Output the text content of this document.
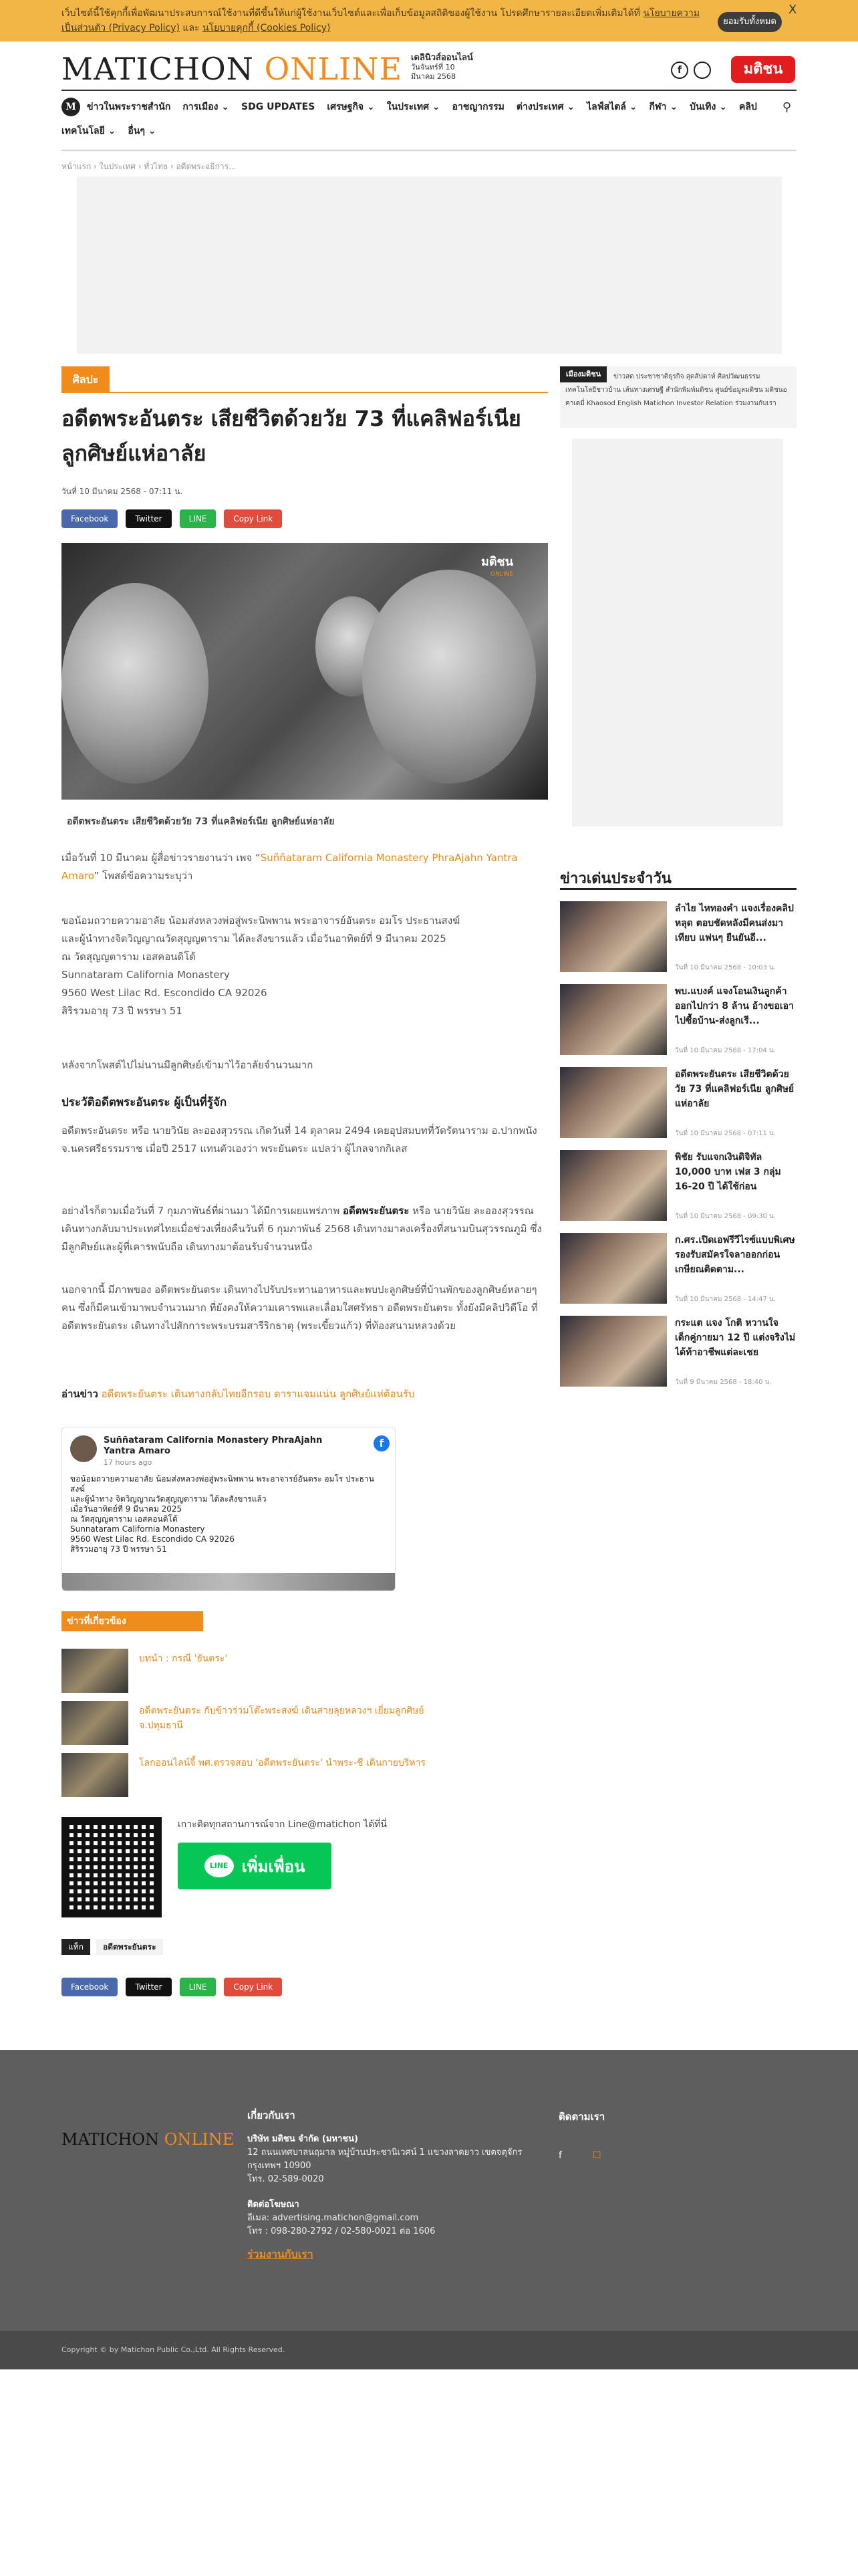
เว็บไซต์นี้ใช้คุกกี้เพื่อพัฒนาประสบการณ์ใช้งานที่ดีขึ้นให้แก่ผู้ใช้งานเว็บไซต์และเพื่อเก็บข้อมูลสถิติของผู้ใช้งาน โปรดศึกษารายละเอียดเพิ่มเติมได้ที่ นโยบายความเป็นส่วนตัว (Privacy Policy) และ นโยบายคุกกี้ (Cookies Policy)
ยอมรับทั้งหมด
X
MATICHON ONLINE เดลินิวส์ออนไลน์
วันจันทร์ที่ 10
มีนาคม 2568
f	มติชน
M	ข่าวในพระราชสำนัก การเมือง ⌄ SDG UPDATES เศรษฐกิจ ⌄ ในประเทศ ⌄ อาชญากรรม ต่างประเทศ ⌄ ไลฟ์สไตล์ ⌄ กีฬา ⌄ บันเทิง ⌄ คลิป
เทคโนโลยี ⌄ อื่นๆ ⌄
⚲
หน้าแรก › ในประเทศ › ทั่วไทย › อดีตพระอธิการ...
ศิลปะ
อดีตพระอันตระ เสียชีวิตด้วยวัย 73 ที่แคลิฟอร์เนีย ลูกศิษย์แห่อาลัย
วันที่ 10 มีนาคม 2568 - 07:11 น.
Facebook	Twitter	LINE	Copy Link
มติชน
ONLINE
อดีตพระอันตระ เสียชีวิตด้วยวัย 73 ที่แคลิฟอร์เนีย ลูกศิษย์แห่อาลัย
เมื่อวันที่ 10 มีนาคม ผู้สื่อข่าวรายงานว่า เพจ “Suññataram California Monastery PhraAjahn Yantra Amaro” โพสต์ข้อความระบุว่า
ขอน้อมถวายความอาลัย น้อมส่งหลวงพ่อสู่พระนิพพาน พระอาจารย์อันตระ อมโร ประธานสงฆ์
และผู้นำทางจิตวิญญาณวัดสุญญตาราม ได้ละสังขารแล้ว เมื่อวันอาทิตย์ที่ 9 มีนาคม 2025
ณ วัดสุญญตาราม เอสคอนดิโด้
Sunnataram California Monastery
9560 West Lilac Rd. Escondido CA 92026
สิริรวมอายุ 73 ปี พรรษา 51
หลังจากโพสต์ไปไม่นานมีลูกศิษย์เข้ามาไว้อาลัยจำนวนมาก
ประวัติอดีตพระอันตระ ผู้เป็นที่รู้จัก
อดีตพระอันตระ หรือ นายวินัย ละอองสุวรรณ เกิดวันที่ 14 ตุลาคม 2494 เคยอุปสมบทที่วัดรัตนาราม อ.ปากพนัง จ.นครศรีธรรมราช เมื่อปี 2517 แทนตัวเองว่า พระยันตระ แปลว่า ผู้ไกลจากกิเลส
อย่างไรก็ตามเมื่อวันที่ 7 กุมภาพันธ์ที่ผ่านมา ได้มีการเผยแพร่ภาพ อดีตพระยันตระ หรือ นายวินัย ละอองสุวรรณ เดินทางกลับมาประเทศไทยเมื่อช่วงเที่ยงคืนวันที่ 6 กุมภาพันธ์ 2568 เดินทางมาลงเครื่องที่สนามบินสุวรรณภูมิ ซึ่งมีลูกศิษย์และผู้ที่เคารพนับถือ เดินทางมาต้อนรับจำนวนหนึ่ง
นอกจากนี้ มีภาพของ อดีตพระยันตระ เดินทางไปรับประทานอาหารและพบปะลูกศิษย์ที่บ้านพักของลูกศิษย์หลายๆ คน ซึ่งก็มีคนเข้ามาพบจำนวนมาก ที่ยังคงให้ความเคารพและเลื่อมใสศรัทธา อดีตพระยันตระ ทั้งยังมีคลิปวิดีโอ ที่อดีตพระยันตระ เดินทางไปสักการะพระบรมสารีริกธาตุ (พระเขี้ยวแก้ว) ที่ท้องสนามหลวงด้วย
อ่านข่าว อดีตพระยันตระ เดินทางกลับไทยอีกรอบ ดาราแจมแน่น ลูกศิษย์แห่ต้อนรับ
Suññataram California Monastery PhraAjahn Yantra Amaro
17 hours ago
f
ขอน้อมถวายความอาลัย น้อมส่งหลวงพ่อสู่พระนิพพาน พระอาจารย์อันตระ อมโร ประธานสงฆ์
และผู้นำทาง จิตวิญญาณวัดสุญญตาราม ได้ละสังขารแล้ว
เมื่อวันอาทิตย์ที่ 9 มีนาคม 2025
ณ วัดสุญญตาราม เอสคอนดิโด้
Sunnataram California Monastery
9560 West Lilac Rd. Escondido CA 92026
สิริรวมอายุ 73 ปี พรรษา 51
ข่าวที่เกี่ยวข้อง
บทนำ : กรณี 'ยันตระ'
อดีตพระยันตระ กับข้าวร่วมโต๊ะพระสงฆ์ เดินสายลุยหลวงฯ เยี่ยมลูกศิษย์ จ.ปทุมธานี
โลกออนไลน์จี้ พศ.ตรวจสอบ 'อดีตพระยันตระ' นำพระ-ชี เดินกายบริหาร
เกาะติดทุกสถานการณ์จาก Line@matichon ได้ที่นี่
LINE เพิ่มเพื่อน
แท็ก	อดีตพระยันตระ
Facebook	Twitter	LINE	Copy Link
ข่าวสด ประชาชาติธุรกิจ สุดสัปดาห์ ศิลปวัฒนธรรม เทคโนโลยีชาวบ้าน เส้นทางเศรษฐี สำนักพิมพ์มติชน ศูนย์ข้อมูลมติชน มติชนอคาเดมี่ Khaosod English Matichon Investor Relation ร่วมงานกับเรา
เมืองมติชน
ข่าวเด่นประจำวัน
ลำไย ไหทองคำ แจงเรื่องคลิปหลุด ตอบชัดหลังมีคนส่งมาเทียบ แฟนๆ ยืนยันอี...
วันที่ 10 มีนาคม 2568 - 10:03 น.
พบ.แบงค์ แจงโอนเงินลูกค้าออกไปกว่า 8 ล้าน อ้างขอเอาไปซื้อบ้าน-ส่งลูกเรี...
วันที่ 10 มีนาคม 2568 - 17:04 น.
อดีตพระยันตระ เสียชีวิตด้วยวัย 73 ที่แคลิฟอร์เนีย ลูกศิษย์แห่อาลัย
วันที่ 10 มีนาคม 2568 - 07:11 น.
พิชัย รับแจกเงินดิจิทัล 10,000 บาท เฟส 3 กลุ่ม 16-20 ปี ได้ใช้ก่อน
วันที่ 10 มีนาคม 2568 - 09:30 น.
ก.ศร.เปิดเอฟรีวีไรซ์แบบพิเศษ รองรับสมัครใจลาออกก่อนเกษียณติดตาม...
วันที่ 10 มีนาคม 2568 - 14:47 น.
กระแต แจง โกติ หวานใจ เด็กคู่กายมา 12 ปี แต่งจริงไม่ได้ท้าอาชีพแต่ละเชย
วันที่ 9 มีนาคม 2568 - 18:40 น.
MATICHON ONLINE
เกี่ยวกับเรา
บริษัท มติชน จำกัด (มหาชน)
12 ถนนเทศบาลนฤมาล หมู่บ้านประชานิเวศน์ 1 แขวงลาดยาว เขตจตุจักร กรุงเทพฯ 10900
โทร. 02-589-0020
ติดต่อโฆษณา
อีเมล: advertising.matichon@gmail.com
โทร : 098-280-2792 / 02-580-0021 ต่อ 1606
ร่วมงานกับเรา
ติดตามเรา
f	☐
Copyright © by Matichon Public Co.,Ltd. All Rights Reserved.
